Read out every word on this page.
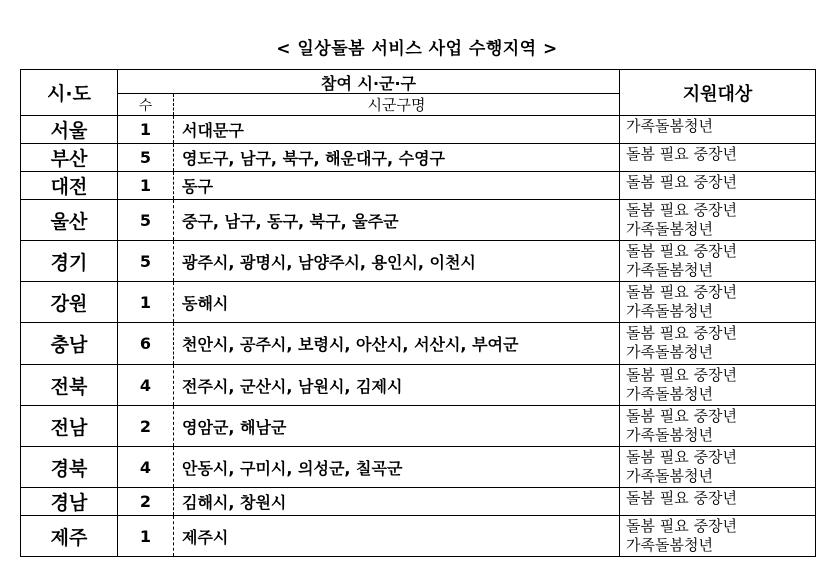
< 일상돌봄 서비스 사업 수행지역 >
시·도	참여 시·군·구		지원대상
	수	시군구명	
서울	1	서대문구	가족돌봄청년

부산	5	영도구, 남구, 북구, 해운대구, 수영구	돌봄 필요 중장년

대전	1	동구	돌봄 필요 중장년

울산	5	중구, 남구, 동구, 북구, 울주군	돌봄 필요 중장년
가족돌봄청년

경기	5	광주시, 광명시, 남양주시, 용인시, 이천시	돌봄 필요 중장년
가족돌봄청년

강원	1	동해시	돌봄 필요 중장년
가족돌봄청년

충남	6	천안시, 공주시, 보령시, 아산시, 서산시, 부여군	돌봄 필요 중장년
가족돌봄청년

전북	4	전주시, 군산시, 남원시, 김제시	돌봄 필요 중장년
가족돌봄청년

전남	2	영암군, 해남군	돌봄 필요 중장년
가족돌봄청년

경북	4	안동시, 구미시, 의성군, 칠곡군	돌봄 필요 중장년
가족돌봄청년

경남	2	김해시, 창원시	돌봄 필요 중장년

제주	1	제주시	돌봄 필요 중장년
가족돌봄청년
